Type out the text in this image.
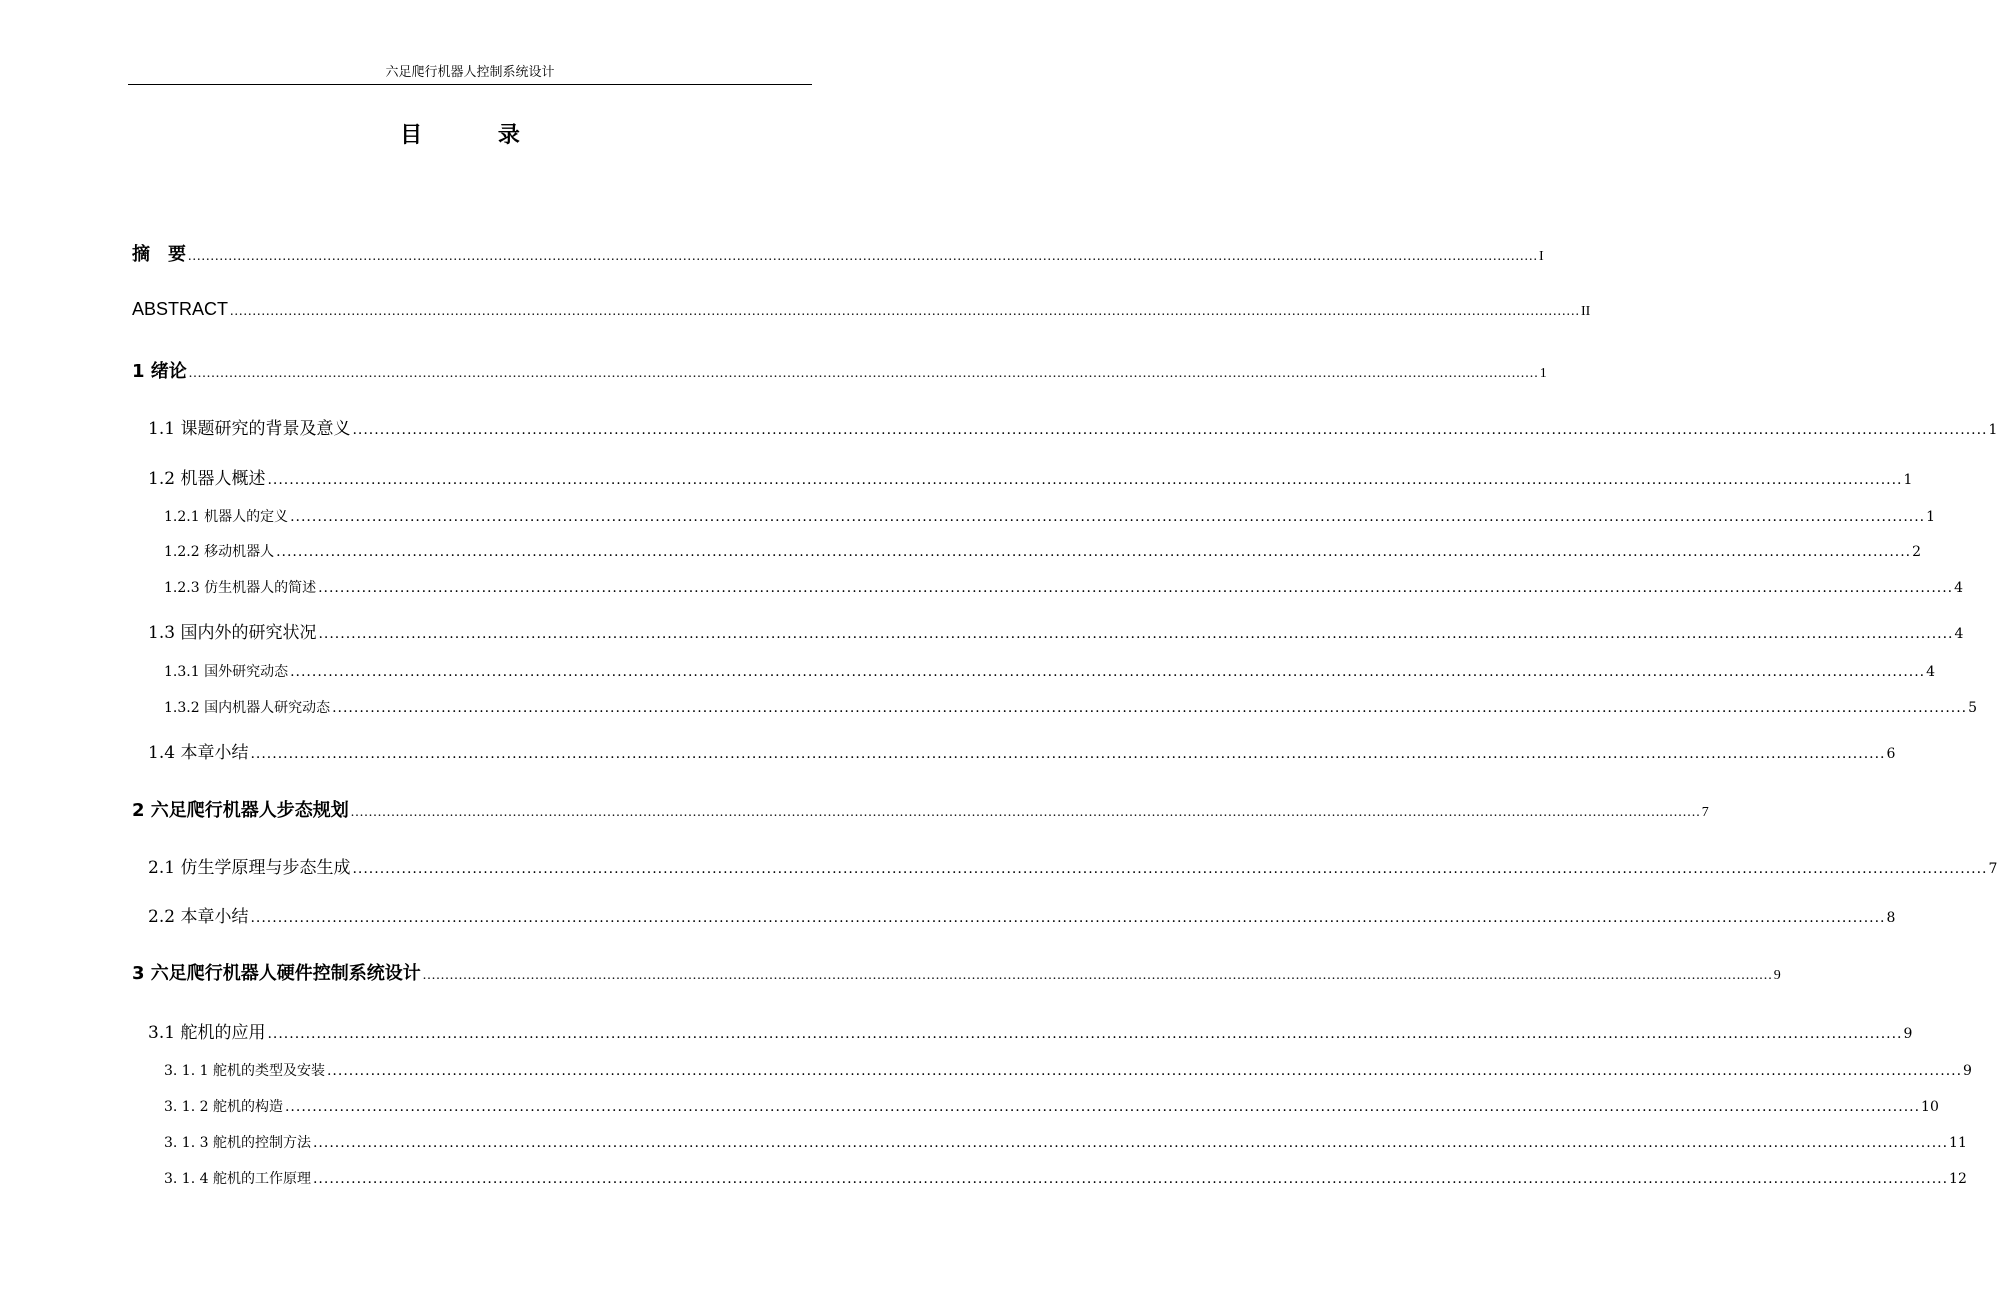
六足爬行机器人控制系统设计
目 录
摘　要 ............................................................................................................................................................................................................................................................................................................ I
ABSTRACT ............................................................................................................................................................................................................................................................................................................ II
1 绪论 ............................................................................................................................................................................................................................................................................................................ 1
1.1 课题研究的背景及意义 ............................................................................................................................................................................................................................................................................................................ 1
1.2 机器人概述 ............................................................................................................................................................................................................................................................................................................ 1
1.2.1 机器人的定义 ............................................................................................................................................................................................................................................................................................................ 1
1.2.2 移动机器人 ............................................................................................................................................................................................................................................................................................................ 2
1.2.3 仿生机器人的简述 ............................................................................................................................................................................................................................................................................................................ 4
1.3 国内外的研究状况 ............................................................................................................................................................................................................................................................................................................ 4
1.3.1 国外研究动态 ............................................................................................................................................................................................................................................................................................................ 4
1.3.2 国内机器人研究动态 ............................................................................................................................................................................................................................................................................................................ 5
1.4 本章小结 ............................................................................................................................................................................................................................................................................................................ 6
2 六足爬行机器人步态规划 ............................................................................................................................................................................................................................................................................................................ 7
2.1 仿生学原理与步态生成 ............................................................................................................................................................................................................................................................................................................ 7
2.2 本章小结 ............................................................................................................................................................................................................................................................................................................ 8
3 六足爬行机器人硬件控制系统设计 ............................................................................................................................................................................................................................................................................................................ 9
3.1 舵机的应用 ............................................................................................................................................................................................................................................................................................................ 9
3. 1. 1 舵机的类型及安装 ............................................................................................................................................................................................................................................................................................................ 9
3. 1. 2 舵机的构造 ............................................................................................................................................................................................................................................................................................................ 10
3. 1. 3 舵机的控制方法 ............................................................................................................................................................................................................................................................................................................ 11
3. 1. 4 舵机的工作原理 ............................................................................................................................................................................................................................................................................................................ 12
